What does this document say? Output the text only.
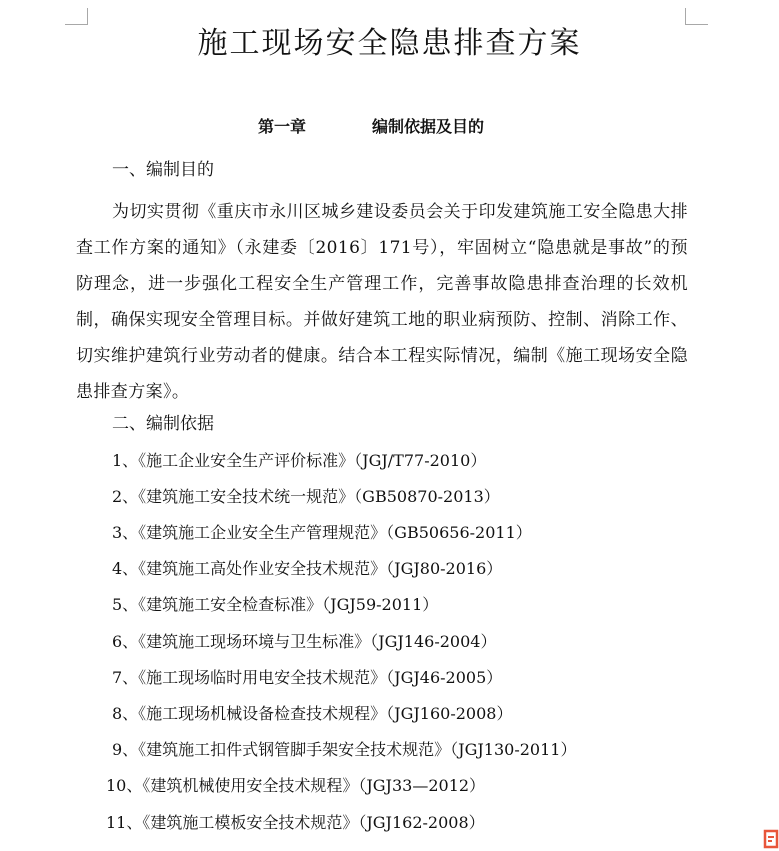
施工现场安全隐患排查方案
第一章	编制依据及目的
一、编制目的

为切实贯彻《重庆市永川区城乡建设委员会关于印发建筑施工安全隐患大排查工作方案的通知》（永建委〔2016〕171号），牢固树立“隐患就是事故”的预防理念，进一步强化工程安全生产管理工作，完善事故隐患排查治理的长效机制，确保实现安全管理目标。并做好建筑工地的职业病预防、控制、消除工作、切实维护建筑行业劳动者的健康。结合本工程实际情况，编制《施工现场安全隐患排查方案》。

二、编制依据
1、《施工企业安全生产评价标准》（JGJ/T77-2010）
2、《建筑施工安全技术统一规范》（GB50870-2013）
3、《建筑施工企业安全生产管理规范》（GB50656-2011）
4、《建筑施工高处作业安全技术规范》（JGJ80-2016）
5、《建筑施工安全检查标准》（JGJ59-2011）
6、《建筑施工现场环境与卫生标准》（JGJ146-2004）
7、《施工现场临时用电安全技术规范》（JGJ46-2005）
8、《施工现场机械设备检查技术规程》（JGJ160-2008）
9、《建筑施工扣件式钢管脚手架安全技术规范》（JGJ130-2011）
10、《建筑机械使用安全技术规程》（JGJ33—2012）
11、《建筑施工模板安全技术规范》（JGJ162-2008）
